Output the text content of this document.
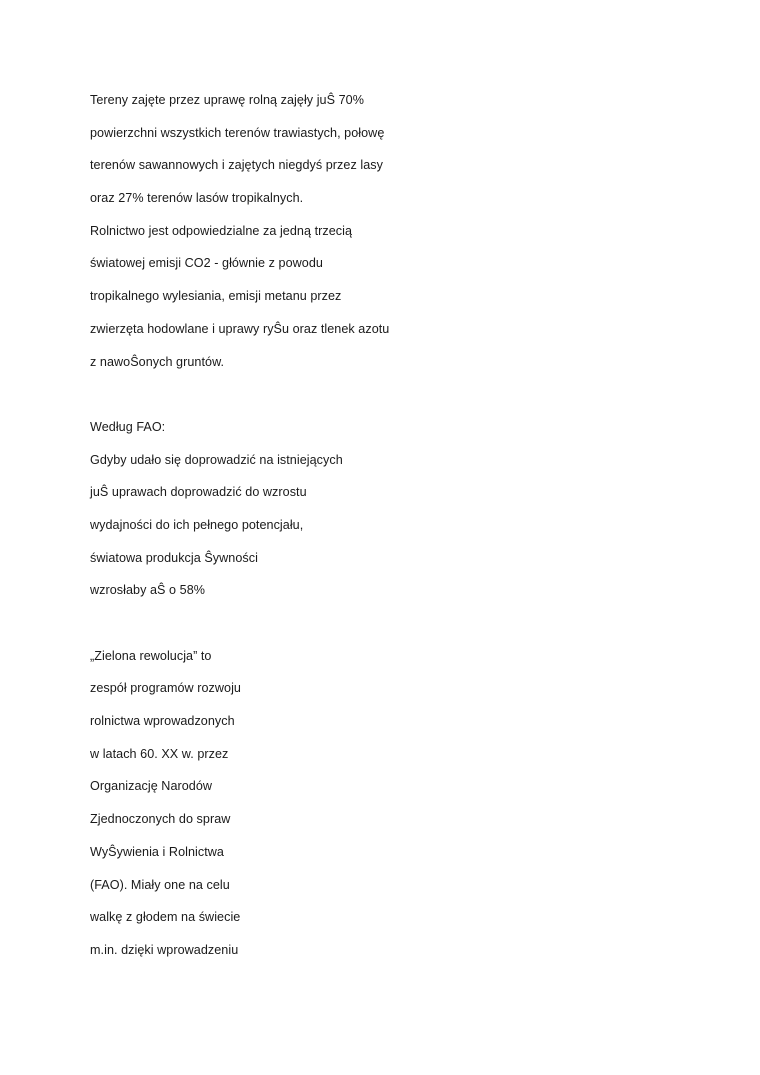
Tereny zajęte przez uprawę rolną zajęły juŜ 70%
powierzchni wszystkich terenów trawiastych, połowę
terenów sawannowych i zajętych niegdyś przez lasy
oraz 27% terenów lasów tropikalnych.
Rolnictwo jest odpowiedzialne za jedną trzecią
światowej emisji CO2 - głównie z powodu
tropikalnego wylesiania, emisji metanu przez
zwierzęta hodowlane i uprawy ryŜu oraz tlenek azotu
z nawoŜonych gruntów.
Według FAO:
Gdyby udało się doprowadzić na istniejących
juŜ uprawach doprowadzić do wzrostu
wydajności do ich pełnego potencjału,
światowa produkcja Ŝywności
wzrosłaby aŜ o 58%
„Zielona rewolucja” to
zespół programów rozwoju
rolnictwa wprowadzonych
w latach 60. XX w. przez
Organizację Narodów
Zjednoczonych do spraw
WyŜywienia i Rolnictwa
(FAO). Miały one na celu
walkę z głodem na świecie
m.in. dzięki wprowadzeniu
